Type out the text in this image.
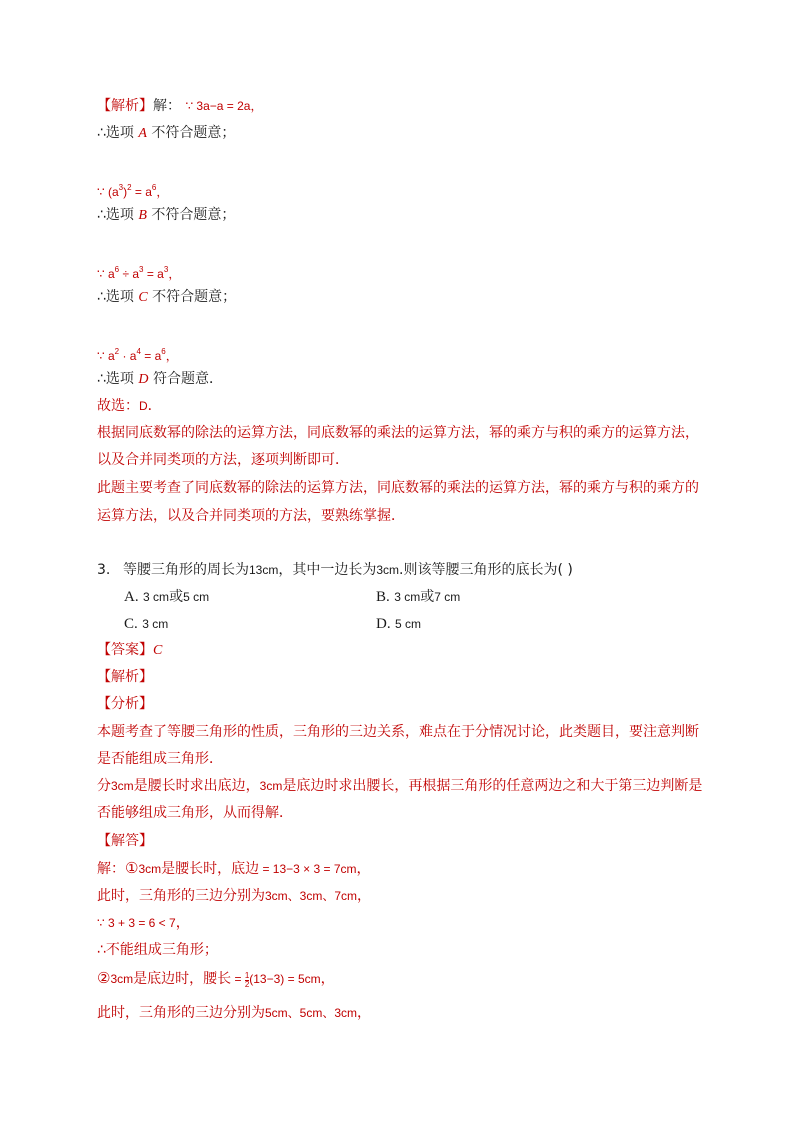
【解析】解： ∵ 3a−a = 2a，
∴选项 A 不符合题意；
∵ $(a^3)^2 = a^6$，
∴选项 B 不符合题意；
∵ $a^6 \div a^3 = a^3$，
∴选项 C 不符合题意；
∵ $a^2 \cdot a^4 = a^6$，
∴选项 D 符合题意．
故选：D．
根据同底数幂的除法的运算方法，同底数幂的乘法的运算方法，幂的乘方与积的乘方的运算方法，
以及合并同类项的方法，逐项判断即可．
此题主要考查了同底数幂的除法的运算方法，同底数幂的乘法的运算方法，幂的乘方与积的乘方的
运算方法，以及合并同类项的方法，要熟练掌握．
3. 等腰三角形的周长为13cm，其中一边长为3cm.则该等腰三角形的底长为( )
A. 3 cm或5 cm	B. 3 cm或7 cm
C. 3 cm	D. 5 cm
【答案】C
【解析】
【分析】
本题考查了等腰三角形的性质，三角形的三边关系，难点在于分情况讨论，此类题目，要注意判断
是否能组成三角形．
分3cm是腰长时求出底边，3cm是底边时求出腰长，再根据三角形的任意两边之和大于第三边判断是
否能够组成三角形，从而得解．
【解答】
解：①3cm是腰长时，底边 = 13−3 × 3 = 7cm，
此时，三角形的三边分别为3cm、3cm、7cm，
∵ 3 + 3 = 6 < 7，
∴不能组成三角形；
②3cm是底边时，腰长 = $\frac{1}{2} (13-3) = 5cm$，
此时，三角形的三边分别为5cm、5cm、3cm，
